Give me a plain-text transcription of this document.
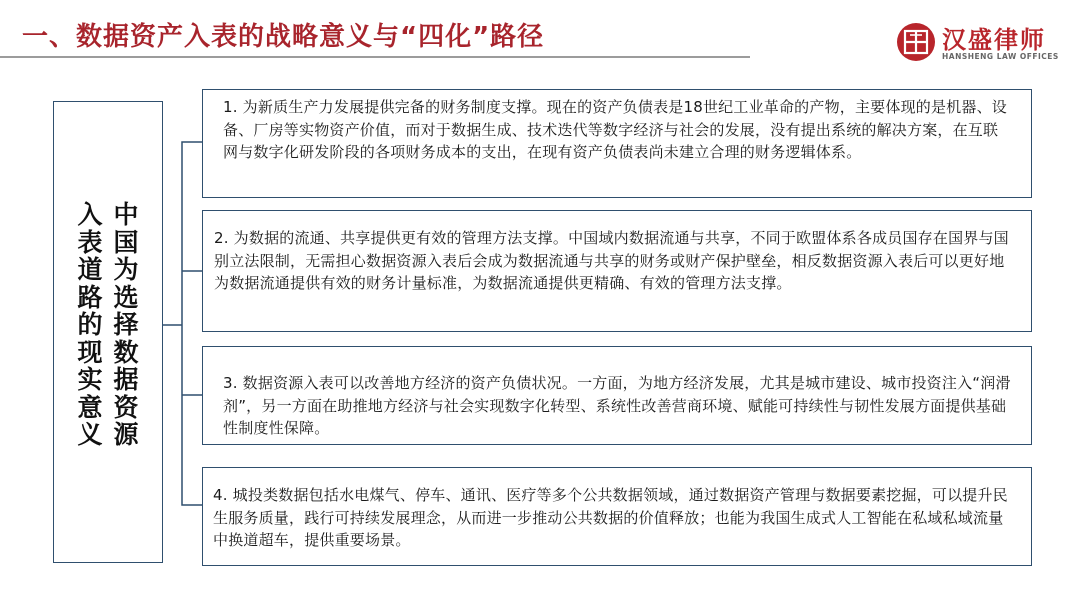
一、数据资产入表的战略意义与“四化”路径	汉盛律师
HANSHENG LAW OFFICES
中国为选择数据资源
入表道路的现实意义

1. 为新质生产力发展提供完备的财务制度支撑。现在的资产负债表是18世纪工业革命的产物，主要体现的是机器、设备、厂房等实物资产价值，而对于数据生成、技术迭代等数字经济与社会的发展，没有提出系统的解决方案，在互联网与数字化研发阶段的各项财务成本的支出，在现有资产负债表尚未建立合理的财务逻辑体系。

2. 为数据的流通、共享提供更有效的管理方法支撑。中国域内数据流通与共享，不同于欧盟体系各成员国存在国界与国别立法限制，无需担心数据资源入表后会成为数据流通与共享的财务或财产保护壁垒，相反数据资源入表后可以更好地为数据流通提供有效的财务计量标准，为数据流通提供更精确、有效的管理方法支撑。

3. 数据资源入表可以改善地方经济的资产负债状况。一方面，为地方经济发展，尤其是城市建设、城市投资注入“润滑剂”，另一方面在助推地方经济与社会实现数字化转型、系统性改善营商环境、赋能可持续性与韧性发展方面提供基础性制度性保障。

4. 城投类数据包括水电煤气、停车、通讯、医疗等多个公共数据领域，通过数据资产管理与数据要素挖掘，可以提升民生服务质量，践行可持续发展理念，从而进一步推动公共数据的价值释放；也能为我国生成式人工智能在私域私域流量中换道超车，提供重要场景。
